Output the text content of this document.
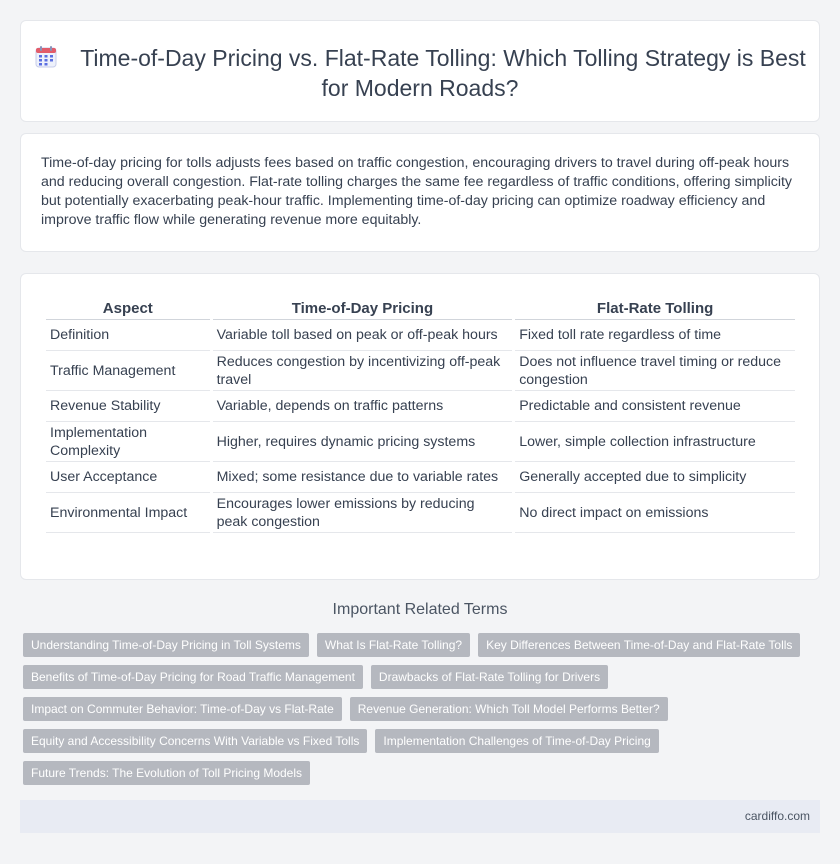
Time-of-Day Pricing vs. Flat-Rate Tolling: Which Tolling Strategy is Best for Modern Roads?

Time-of-day pricing for tolls adjusts fees based on traffic congestion, encouraging drivers to travel during off-peak hours and reducing overall congestion. Flat-rate tolling charges the same fee regardless of traffic conditions, offering simplicity but potentially exacerbating peak-hour traffic. Implementing time-of-day pricing can optimize roadway efficiency and improve traffic flow while generating revenue more equitably.

Aspect	Time-of-Day Pricing	Flat-Rate Tolling
Definition	Variable toll based on peak or off-peak hours	Fixed toll rate regardless of time
Traffic Management	Reduces congestion by incentivizing off-peak travel	Does not influence travel timing or reduce congestion
Revenue Stability	Variable, depends on traffic patterns	Predictable and consistent revenue
Implementation Complexity	Higher, requires dynamic pricing systems	Lower, simple collection infrastructure
User Acceptance	Mixed; some resistance due to variable rates	Generally accepted due to simplicity
Environmental Impact	Encourages lower emissions by reducing peak congestion	No direct impact on emissions
Important Related Terms
Understanding Time-of-Day Pricing in Toll Systems	What Is Flat-Rate Tolling?	Key Differences Between Time-of-Day and Flat-Rate Tolls
Benefits of Time-of-Day Pricing for Road Traffic Management	Drawbacks of Flat-Rate Tolling for Drivers
Impact on Commuter Behavior: Time-of-Day vs Flat-Rate	Revenue Generation: Which Toll Model Performs Better?
Equity and Accessibility Concerns With Variable vs Fixed Tolls	Implementation Challenges of Time-of-Day Pricing
Future Trends: The Evolution of Toll Pricing Models
cardiffo.com
